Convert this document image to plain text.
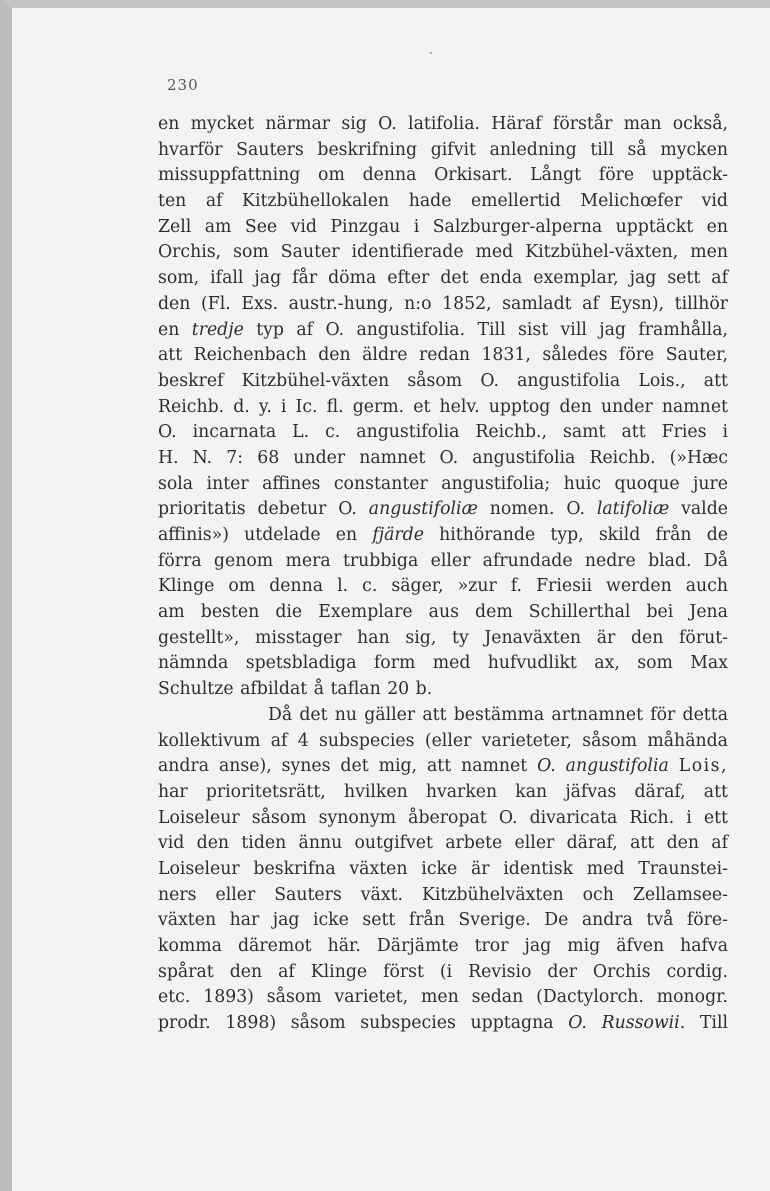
230
en mycket närmar sig O. latifolia. Häraf förstår man också,
hvarför Sauters beskrifning gifvit anledning till så mycken
missuppfattning om denna Orkisart. Långt före upptäck-
ten af Kitzbühellokalen hade emellertid Melichœfer vid
Zell am See vid Pinzgau i Salzburger-alperna upptäckt en
Orchis, som Sauter identifierade med Kitzbühel-växten, men
som, ifall jag får döma efter det enda exemplar, jag sett af
den (Fl. Exs. austr.-hung, n:o 1852, samladt af Eysn), tillhör
en tredje typ af O. angustifolia. Till sist vill jag framhålla,
att Reichenbach den äldre redan 1831, således före Sauter,
beskref Kitzbühel-växten såsom O. angustifolia Lois., att
Reichb. d. y. i Ic. fl. germ. et helv. upptog den under namnet
O. incarnata L. c. angustifolia Reichb., samt att Fries i
H. N. 7: 68 under namnet O. angustifolia Reichb. (»Hæc
sola inter affines constanter angustifolia; huic quoque jure
prioritatis debetur O. angustifoliæ nomen. O. latifoliæ valde
affinis») utdelade en fjärde hithörande typ, skild från de
förra genom mera trubbiga eller afrundade nedre blad. Då
Klinge om denna l. c. säger, »zur f. Friesii werden auch
am besten die Exemplare aus dem Schillerthal bei Jena
gestellt», misstager han sig, ty Jenaväxten är den förut-
nämnda spetsbladiga form med hufvudlikt ax, som Max
Schultze afbildat å taflan 20 b.
Då det nu gäller att bestämma artnamnet för detta
kollektivum af 4 subspecies (eller varieteter, såsom måhända
andra anse), synes det mig, att namnet O. angustifolia Lois,
har prioritetsrätt, hvilken hvarken kan jäfvas däraf, att
Loiseleur såsom synonym åberopat O. divaricata Rich. i ett
vid den tiden ännu outgifvet arbete eller däraf, att den af
Loiseleur beskrifna växten icke är identisk med Traunstei-
ners eller Sauters växt. Kitzbühelväxten och Zellamsee-
växten har jag icke sett från Sverige. De andra två före-
komma däremot här. Därjämte tror jag mig äfven hafva
spårat den af Klinge först (i Revisio der Orchis cordig.
etc. 1893) såsom varietet, men sedan (Dactylorch. monogr.
prodr. 1898) såsom subspecies upptagna O. Russowii. Till
